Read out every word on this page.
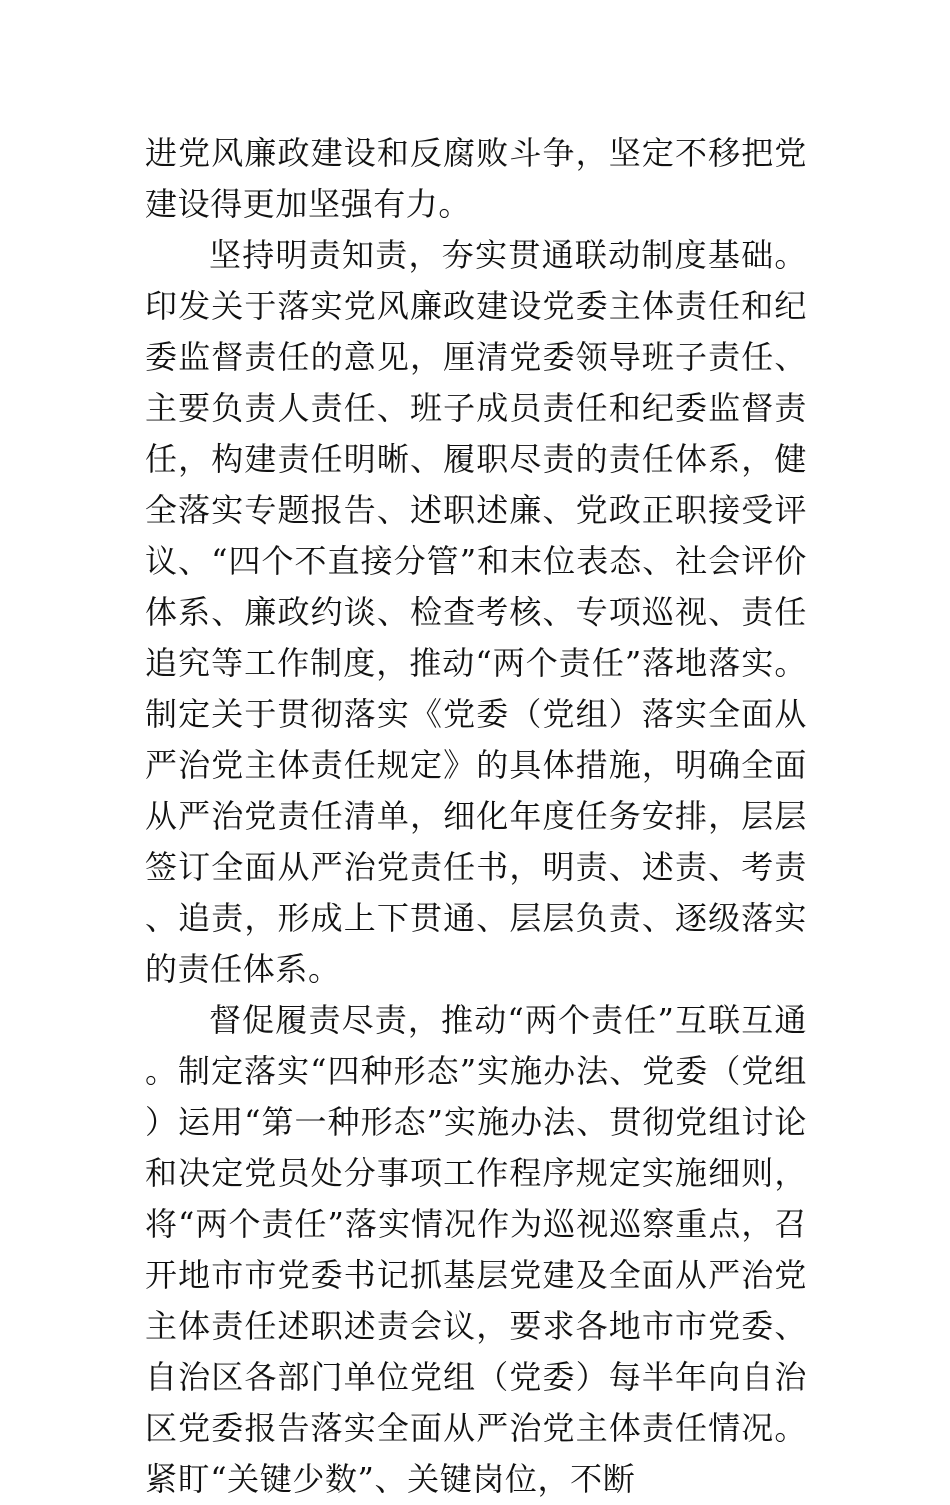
进党风廉政建设和反腐败斗争，坚定不移把党建设得更加坚强有力。

坚持明责知责，夯实贯通联动制度基础。印发关于落实党风廉政建设党委主体责任和纪委监督责任的意见，厘清党委领导班子责任、主要负责人责任、班子成员责任和纪委监督责任，构建责任明晰、履职尽责的责任体系，健全落实专题报告、述职述廉、党政正职接受评议、“四个不直接分管”和末位表态、社会评价体系、廉政约谈、检查考核、专项巡视、责任追究等工作制度，推动“两个责任”落地落实。制定关于贯彻落实《党委（党组）落实全面从严治党主体责任规定》的具体措施，明确全面从严治党责任清单，细化年度任务安排，层层签订全面从严治党责任书，明责、述责、考责、追责，形成上下贯通、层层负责、逐级落实的责任体系。

督促履责尽责，推动“两个责任”互联互通。制定落实“四种形态”实施办法、党委（党组）运用“第一种形态”实施办法、贯彻党组讨论和决定党员处分事项工作程序规定实施细则，将“两个责任”落实情况作为巡视巡察重点，召开地市市党委书记抓基层党建及全面从严治党主体责任述职述责会议，要求各地市市党委、自治区各部门单位党组（党委）每半年向自治区党委报告落实全面从严治党主体责任情况。紧盯“关键少数”、关键岗位，不断
